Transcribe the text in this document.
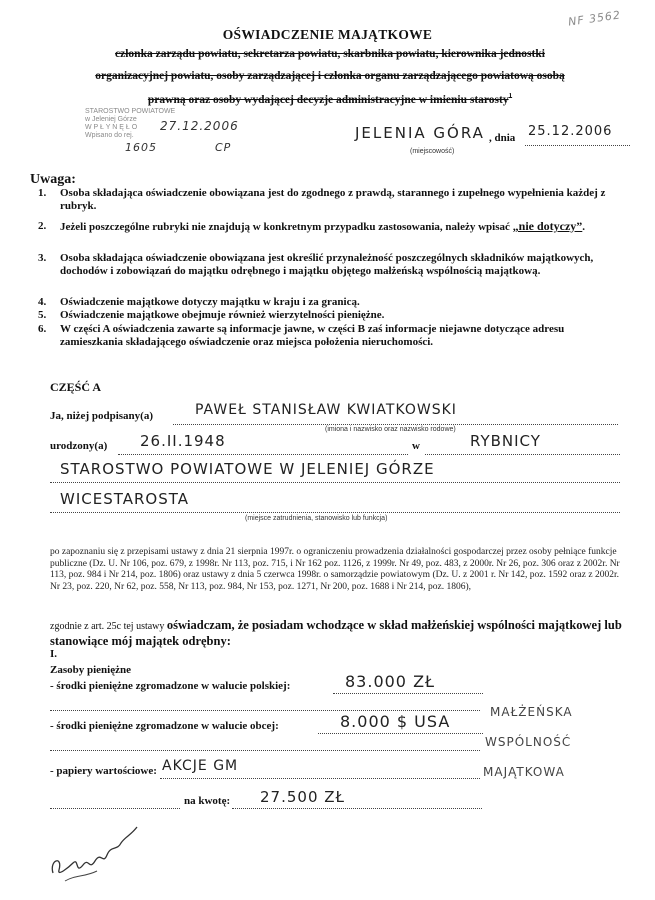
NF 3562
OŚWIADCZENIE MAJĄTKOWE
członka zarządu powiatu, sekretarza powiatu, skarbnika powiatu, kierownika jednostki
organizacyjnej powiatu, osoby zarządzającej i członka organu zarządzającego powiatową osobą
prawną oraz osoby wydającej decyzje administracyjne w imieniu starosty$^1$
STAROSTWO POWIATOWE
w Jeleniej Górze
W P Ł Y N Ę Ł O
Wpisano do rej.
27.12.2006
1605	CP
JELENIA GÓRA
(miejscowość)
, dnia 25.12.2006
Uwaga:
1. Osoba składająca oświadczenie obowiązana jest do zgodnego z prawdą, starannego i zupełnego wypełnienia każdej z rubryk.
2. Jeżeli poszczególne rubryki nie znajdują w konkretnym przypadku zastosowania, należy wpisać „nie dotyczy”.
3. Osoba składająca oświadczenie obowiązana jest określić przynależność poszczególnych składników majątkowych, dochodów i zobowiązań do majątku odrębnego i majątku objętego małżeńską wspólnością majątkową.
4. Oświadczenie majątkowe dotyczy majątku w kraju i za granicą.
5. Oświadczenie majątkowe obejmuje również wierzytelności pieniężne.
6. W części A oświadczenia zawarte są informacje jawne, w części B zaś informacje niejawne dotyczące adresu zamieszkania składającego oświadczenie oraz miejsca położenia nieruchomości.
CZĘŚĆ A
Ja, niżej podpisany(a)	PAWEŁ STANISŁAW KWIATKOWSKI
(imiona i nazwisko oraz nazwisko rodowe)
urodzony(a) 26.II.1948	w	RYBNICY
STAROSTWO POWIATOWE W JELENIEJ GÓRZE
WICESTAROSTA
(miejsce zatrudnienia, stanowisko lub funkcja)
po zapoznaniu się z przepisami ustawy z dnia 21 sierpnia 1997r. o ograniczeniu prowadzenia działalności gospodarczej przez osoby pełniące funkcje publiczne (Dz. U. Nr 106, poz. 679, z 1998r. Nr 113, poz. 715, i Nr 162 poz. 1126, z 1999r. Nr 49, poz. 483, z 2000r. Nr 26, poz. 306 oraz z 2002r. Nr 113, poz. 984 i Nr 214, poz. 1806) oraz ustawy z dnia 5 czerwca 1998r. o samorządzie powiatowym (Dz. U. z 2001 r. Nr 142, poz. 1592 oraz z 2002r. Nr 23, poz. 220, Nr 62, poz. 558, Nr 113, poz. 984, Nr 153, poz. 1271, Nr 200, poz. 1688 i Nr 214, poz. 1806),
zgodnie z art. 25c tej ustawy oświadczam, że posiadam wchodzące w skład małżeńskiej wspólności majątkowej lub stanowiące mój majątek odrębny:
I.
Zasoby pieniężne
- środki pieniężne zgromadzone w walucie polskiej:	83.000 ZŁ
- środki pieniężne zgromadzone w walucie obcej:	8.000 $ USA
- papiery wartościowe: AKCJE GM
na kwotę: 27.500 ZŁ
MAŁŻEŃSKA
WSPÓLNOŚĆ
MAJĄTKOWA
